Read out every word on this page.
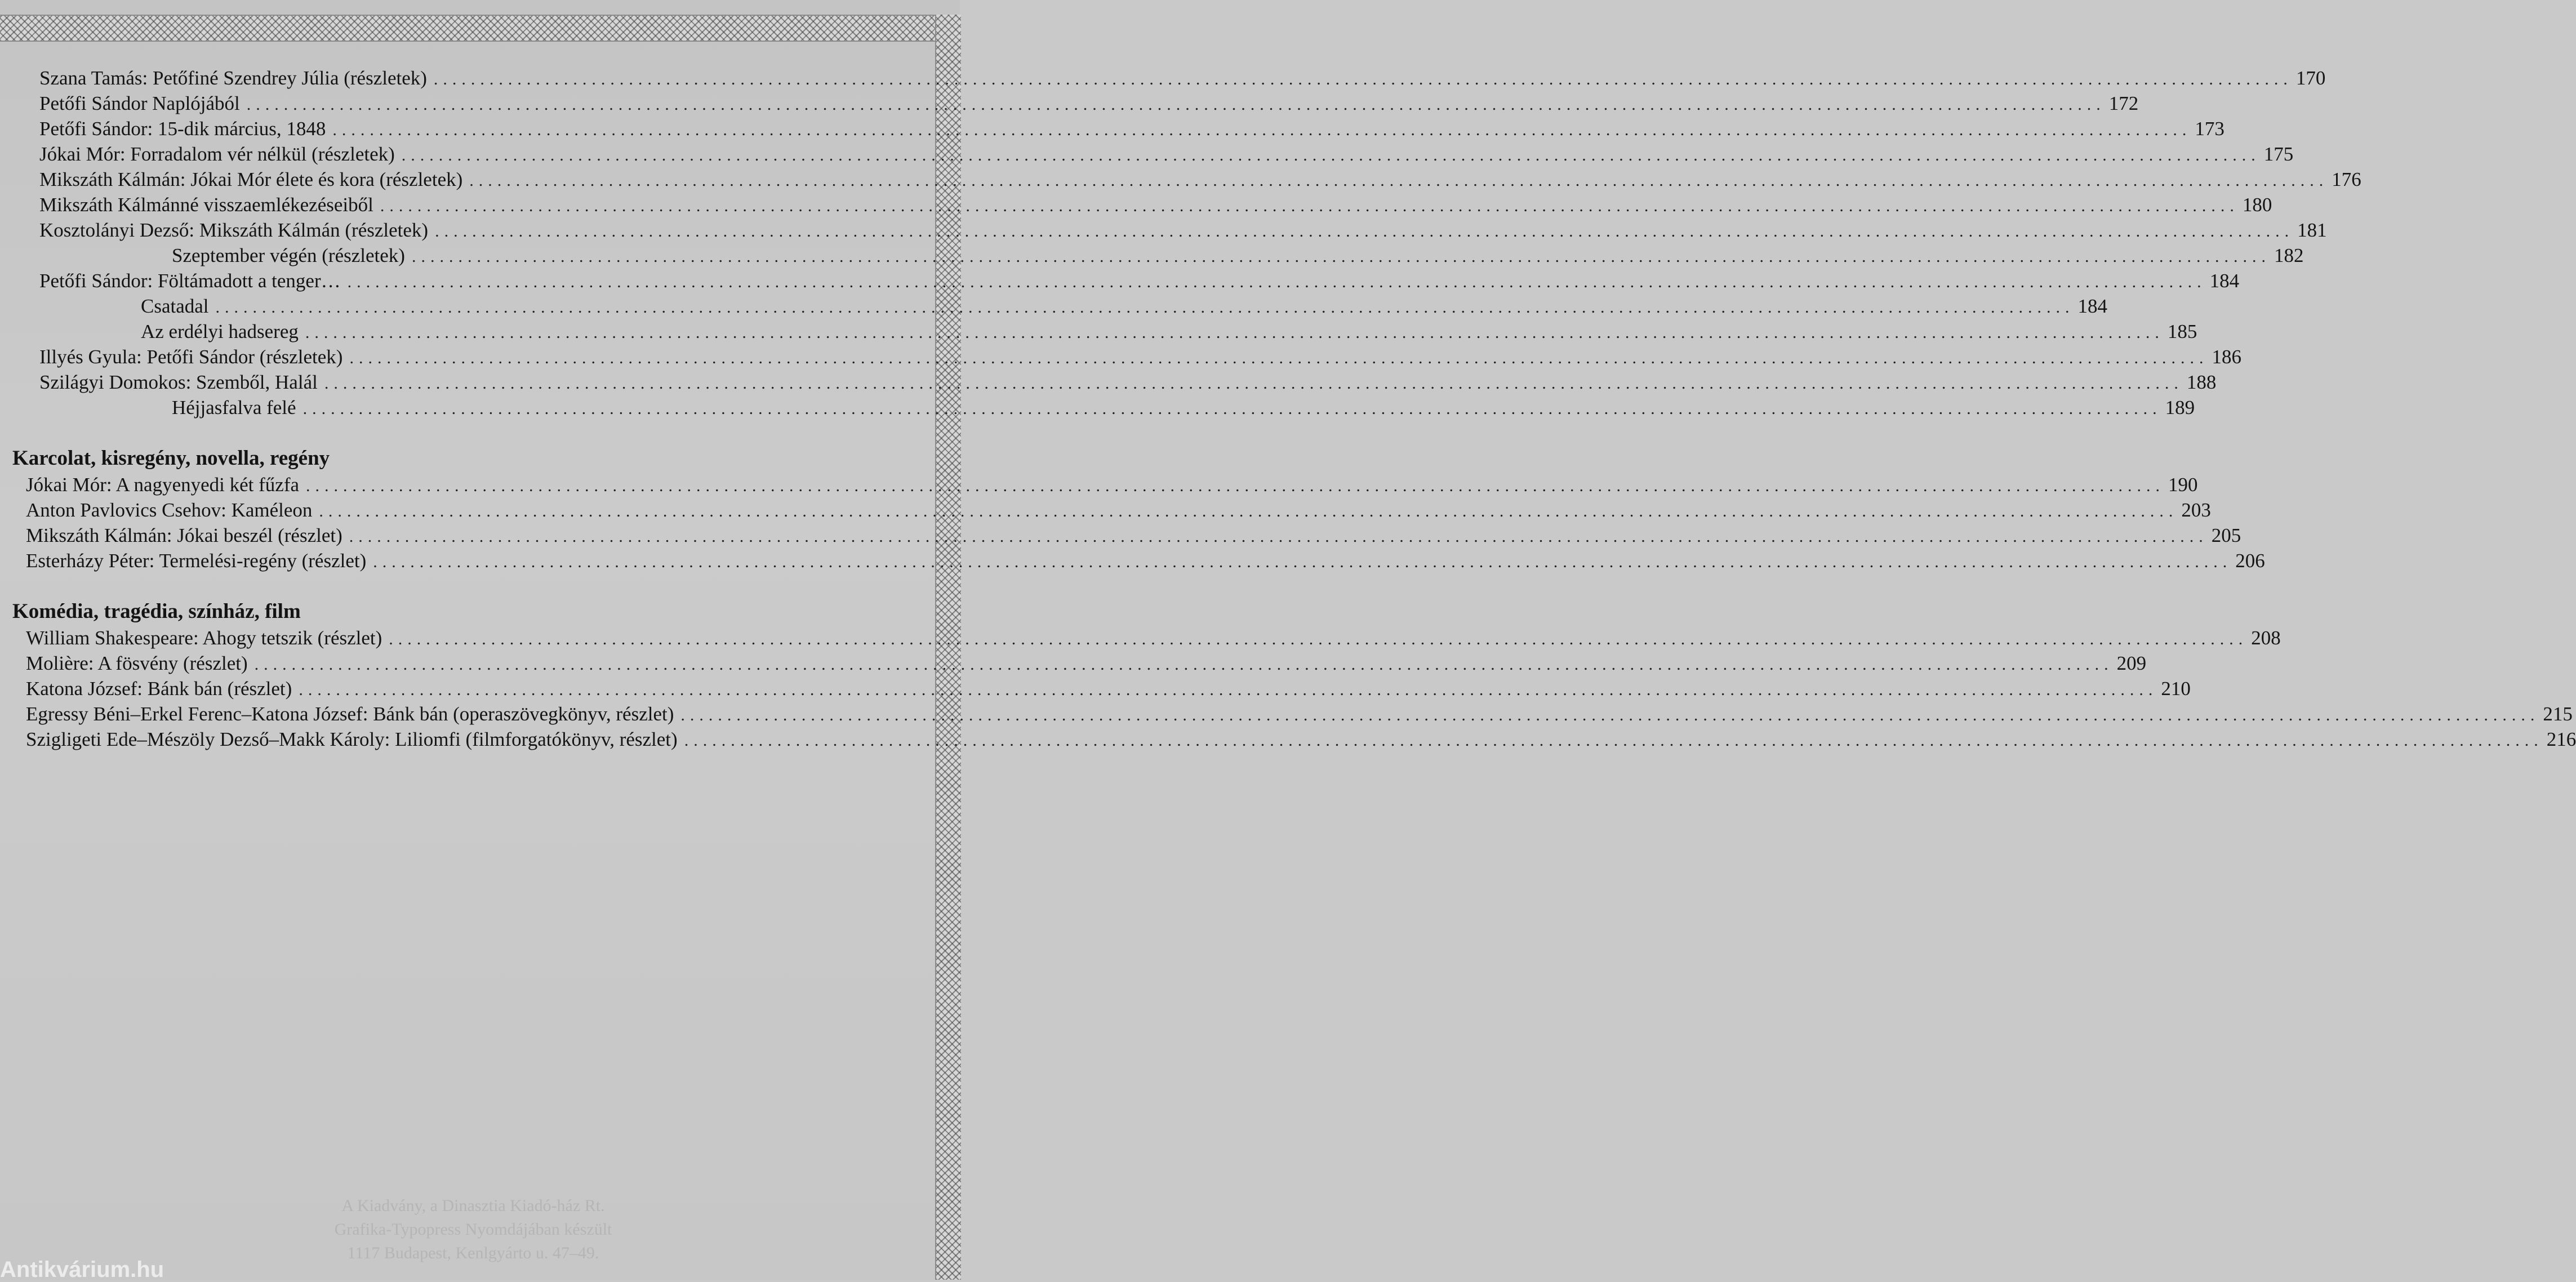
Szana Tamás: Petőfiné Szendrey Júlia (részletek) ........................................................................................................................................................................................................ 170
Petőfi Sándor Naplójából ........................................................................................................................................................................................................ 172
Petőfi Sándor: 15-dik március, 1848 ........................................................................................................................................................................................................ 173
Jókai Mór: Forradalom vér nélkül (részletek) ........................................................................................................................................................................................................ 175
Mikszáth Kálmán: Jókai Mór élete és kora (részletek) ........................................................................................................................................................................................................ 176
Mikszáth Kálmánné visszaemlékezéseiből ........................................................................................................................................................................................................ 180
Kosztolányi Dezső: Mikszáth Kálmán (részletek) ........................................................................................................................................................................................................ 181
Szeptember végén (részletek) ........................................................................................................................................................................................................ 182
Petőfi Sándor: Föltámadott a tenger… ........................................................................................................................................................................................................ 184
Csatadal ........................................................................................................................................................................................................ 184
Az erdélyi hadsereg ........................................................................................................................................................................................................ 185
Illyés Gyula: Petőfi Sándor (részletek) ........................................................................................................................................................................................................ 186
Szilágyi Domokos: Szemből, Halál ........................................................................................................................................................................................................ 188
Héjjasfalva felé ........................................................................................................................................................................................................ 189
Karcolat, kisregény, novella, regény
Jókai Mór: A nagyenyedi két fűzfa ........................................................................................................................................................................................................ 190
Anton Pavlovics Csehov: Kaméleon ........................................................................................................................................................................................................ 203
Mikszáth Kálmán: Jókai beszél (részlet) ........................................................................................................................................................................................................ 205
Esterházy Péter: Termelési-regény (részlet) ........................................................................................................................................................................................................ 206
Komédia, tragédia, színház, film
William Shakespeare: Ahogy tetszik (részlet) ........................................................................................................................................................................................................ 208
Molière: A fösvény (részlet) ........................................................................................................................................................................................................ 209
Katona József: Bánk bán (részlet) ........................................................................................................................................................................................................ 210
Egressy Béni–Erkel Ferenc–Katona József: Bánk bán (operaszövegkönyv, részlet) ........................................................................................................................................................................................................ 215
Szigligeti Ede–Mészöly Dezső–Makk Károly: Liliomfi (filmforgatókönyv, részlet) ........................................................................................................................................................................................................ 216
A Kiadvány, a Dinasztia Kiadó-ház Rt.
Grafika-Typopress Nyomdájában készült
1117 Budapest, Kenlgyárto u. 47–49.
Antikvárium.hu
